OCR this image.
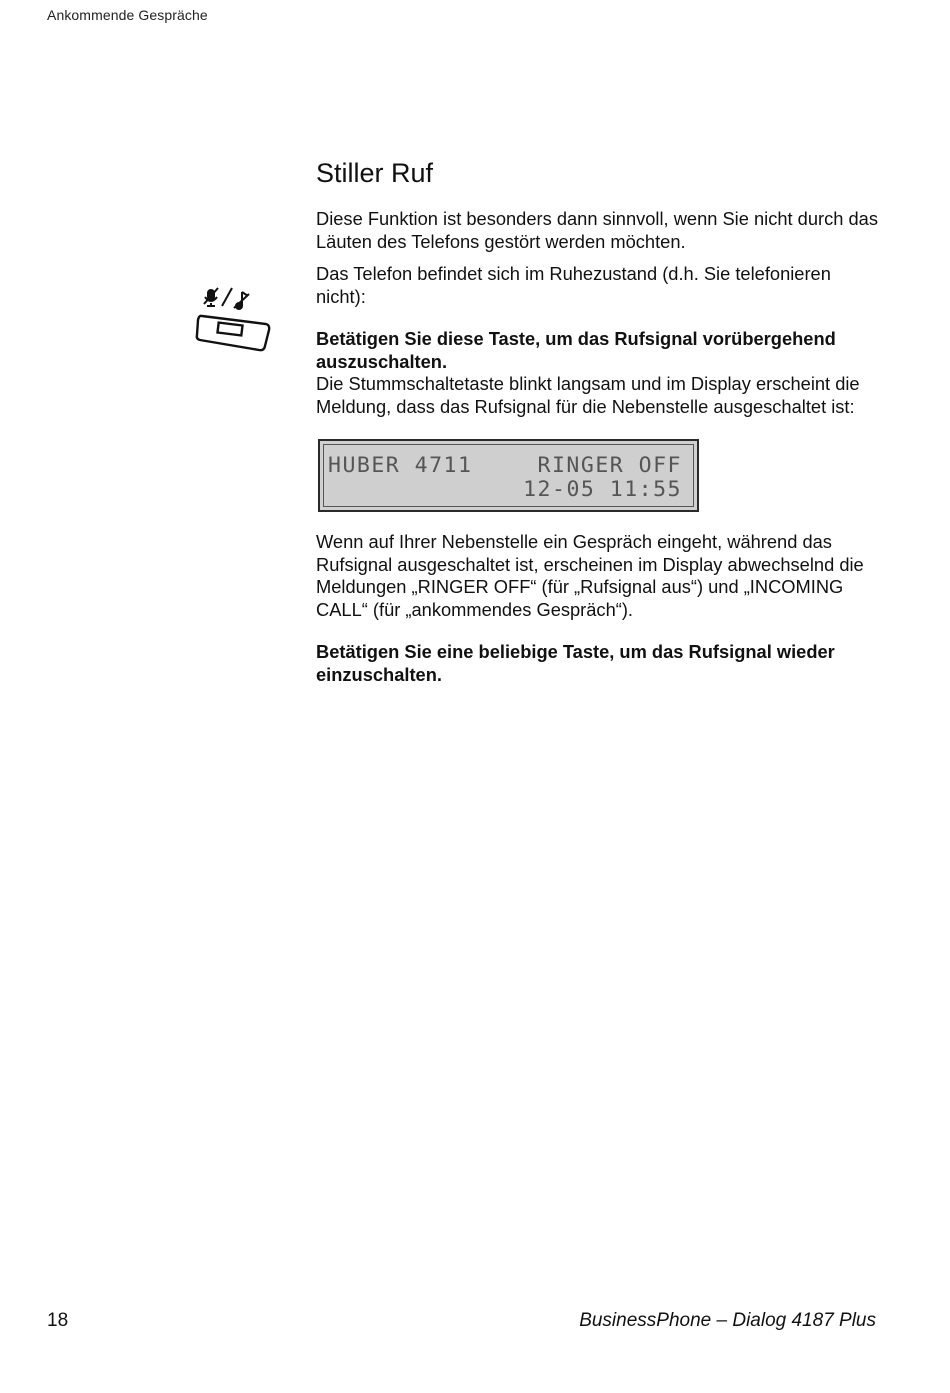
Ankommende Gespräche
Stiller Ruf

Diese Funktion ist besonders dann sinnvoll, wenn Sie nicht durch das Läuten des Telefons gestört werden möchten.

Das Telefon befindet sich im Ruhezustand (d.h. Sie telefonieren nicht):

Betätigen Sie diese Taste, um das Rufsignal vorübergehend auszuschalten.

Die Stummschaltetaste blinkt langsam und im Display erscheint die Meldung, dass das Rufsignal für die Nebenstelle ausgeschaltet ist:

HUBER 4711	RINGER OFF
12-05 11:55

Wenn auf Ihrer Nebenstelle ein Gespräch eingeht, während das Rufsignal ausgeschaltet ist, erscheinen im Display abwechselnd die Meldungen „RINGER OFF“ (für „Rufsignal aus“) und „INCOMING CALL“ (für „ankommendes Gespräch“).

Betätigen Sie eine beliebige Taste, um das Rufsignal wieder einzuschalten.

18	BusinessPhone – Dialog 4187 Plus
